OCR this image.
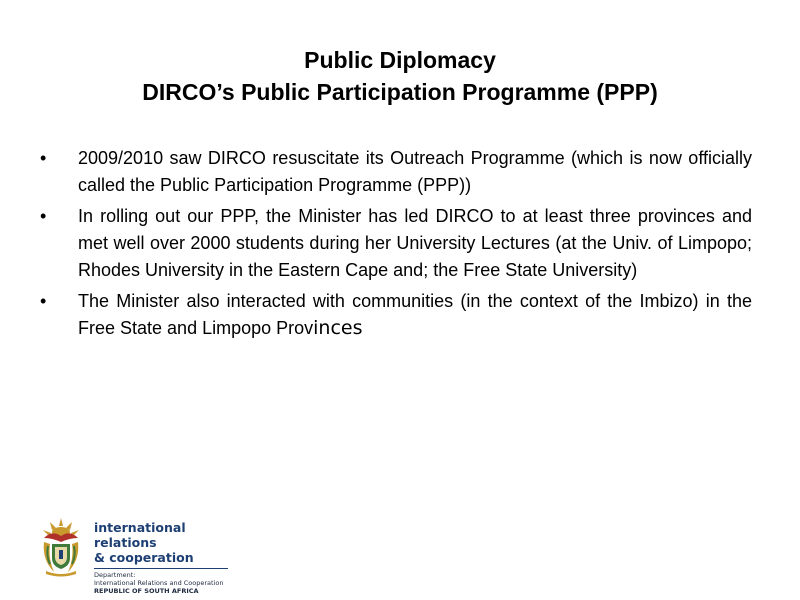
Public Diplomacy
DIRCO’s Public Participation Programme (PPP)
• 2009/2010 saw DIRCO resuscitate its Outreach Programme (which is now officially called the Public Participation Programme (PPP))
• In rolling out our PPP, the Minister has led DIRCO to at least three provinces and met well over 2000 students during her University Lectures (at the Univ. of Limpopo; Rhodes University in the Eastern Cape and; the Free State University)
• The Minister also interacted with communities (in the context of the Imbizo) in the Free State and Limpopo Provinces
international relations
& cooperation
Department:
International Relations and Cooperation
REPUBLIC OF SOUTH AFRICA
